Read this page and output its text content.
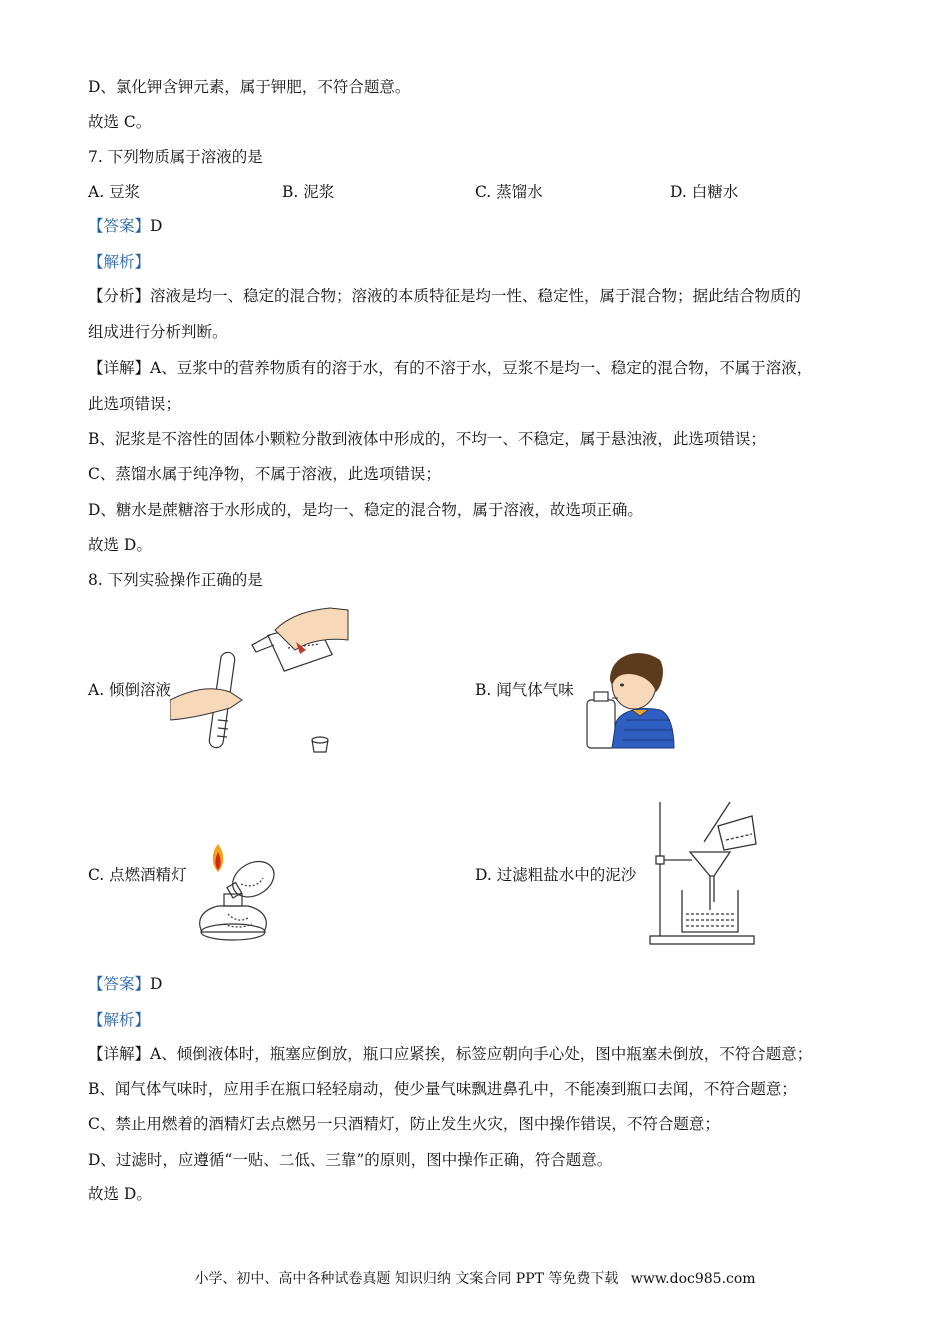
D、氯化钾含钾元素，属于钾肥，不符合题意。
故选 C。
7. 下列物质属于溶液的是
A. 豆浆	B. 泥浆	C. 蒸馏水	D. 白糖水
【答案】D
【解析】
【分析】溶液是均一、稳定的混合物；溶液的本质特征是均一性、稳定性，属于混合物；据此结合物质的
组成进行分析判断。
【详解】A、豆浆中的营养物质有的溶于水，有的不溶于水，豆浆不是均一、稳定的混合物，不属于溶液，
此选项错误；
B、泥浆是不溶性的固体小颗粒分散到液体中形成的，不均一、不稳定，属于悬浊液，此选项错误；
C、蒸馏水属于纯净物，不属于溶液，此选项错误；
D、糖水是蔗糖溶于水形成的，是均一、稳定的混合物，属于溶液，故选项正确。
故选 D。
8. 下列实验操作正确的是
A. 倾倒溶液	B. 闻气体气味
C. 点燃酒精灯	D. 过滤粗盐水中的泥沙
【答案】D
【解析】
【详解】A、倾倒液体时，瓶塞应倒放，瓶口应紧挨，标签应朝向手心处，图中瓶塞未倒放，不符合题意；
B、闻气体气味时，应用手在瓶口轻轻扇动，使少量气味飘进鼻孔中，不能凑到瓶口去闻，不符合题意；
C、禁止用燃着的酒精灯去点燃另一只酒精灯，防止发生火灾，图中操作错误，不符合题意；
D、过滤时，应遵循“一贴、二低、三靠”的原则，图中操作正确，符合题意。
故选 D。
小学、初中、高中各种试卷真题 知识归纳 文案合同 PPT 等免费下载 www.doc985.com
